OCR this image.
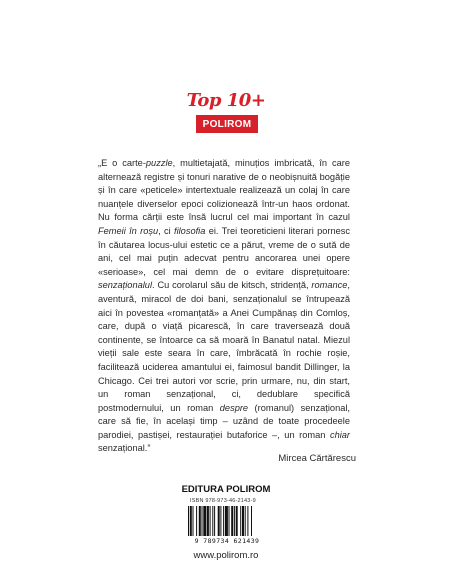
Top 10+
POLIROM

„E o carte-puzzle, multietajată, minuțios imbricată, în care alternează registre și tonuri narative de o neobișnuită bogăție și în care «peticele» intertextuale realizează un colaj în care nuanțele diverselor epoci colizionează într-un haos ordonat. Nu forma cărții este însă lucrul cel mai important în cazul Femeii în roșu, ci filosofia ei. Trei teoreticieni literari pornesc în căutarea locus-ului estetic ce a părut, vreme de o sută de ani, cel mai puțin adecvat pentru ancorarea unei opere «serioase», cel mai demn de o evitare disprețuitoare: senzaționalul. Cu corolarul său de kitsch, stridență, romance, aventură, miracol de doi bani, senzaționalul se întrupează aici în povestea «romanțată» a Anei Cumpănaș din Comloș, care, după o viață picarescă, în care traversează două continente, se întoarce ca să moară în Banatul natal. Miezul vieții sale este seara în care, îmbrăcată în rochie roșie, facilitează uciderea amantului ei, faimosul bandit Dillinger, la Chicago. Cei trei autori vor scrie, prin urmare, nu, din start, un roman senzațional, ci, dedublare specifică postmodernului, un roman despre (romanul) senzațional, care să fie, în același timp – uzând de toate procedeele parodiei, pastișei, restaurației butaforice –, un roman chiar senzațional.”

Mircea Cărtărescu
EDITURA POLIROM
ISBN 978-973-46-2143-9
9 789734 621439
www.polirom.ro
